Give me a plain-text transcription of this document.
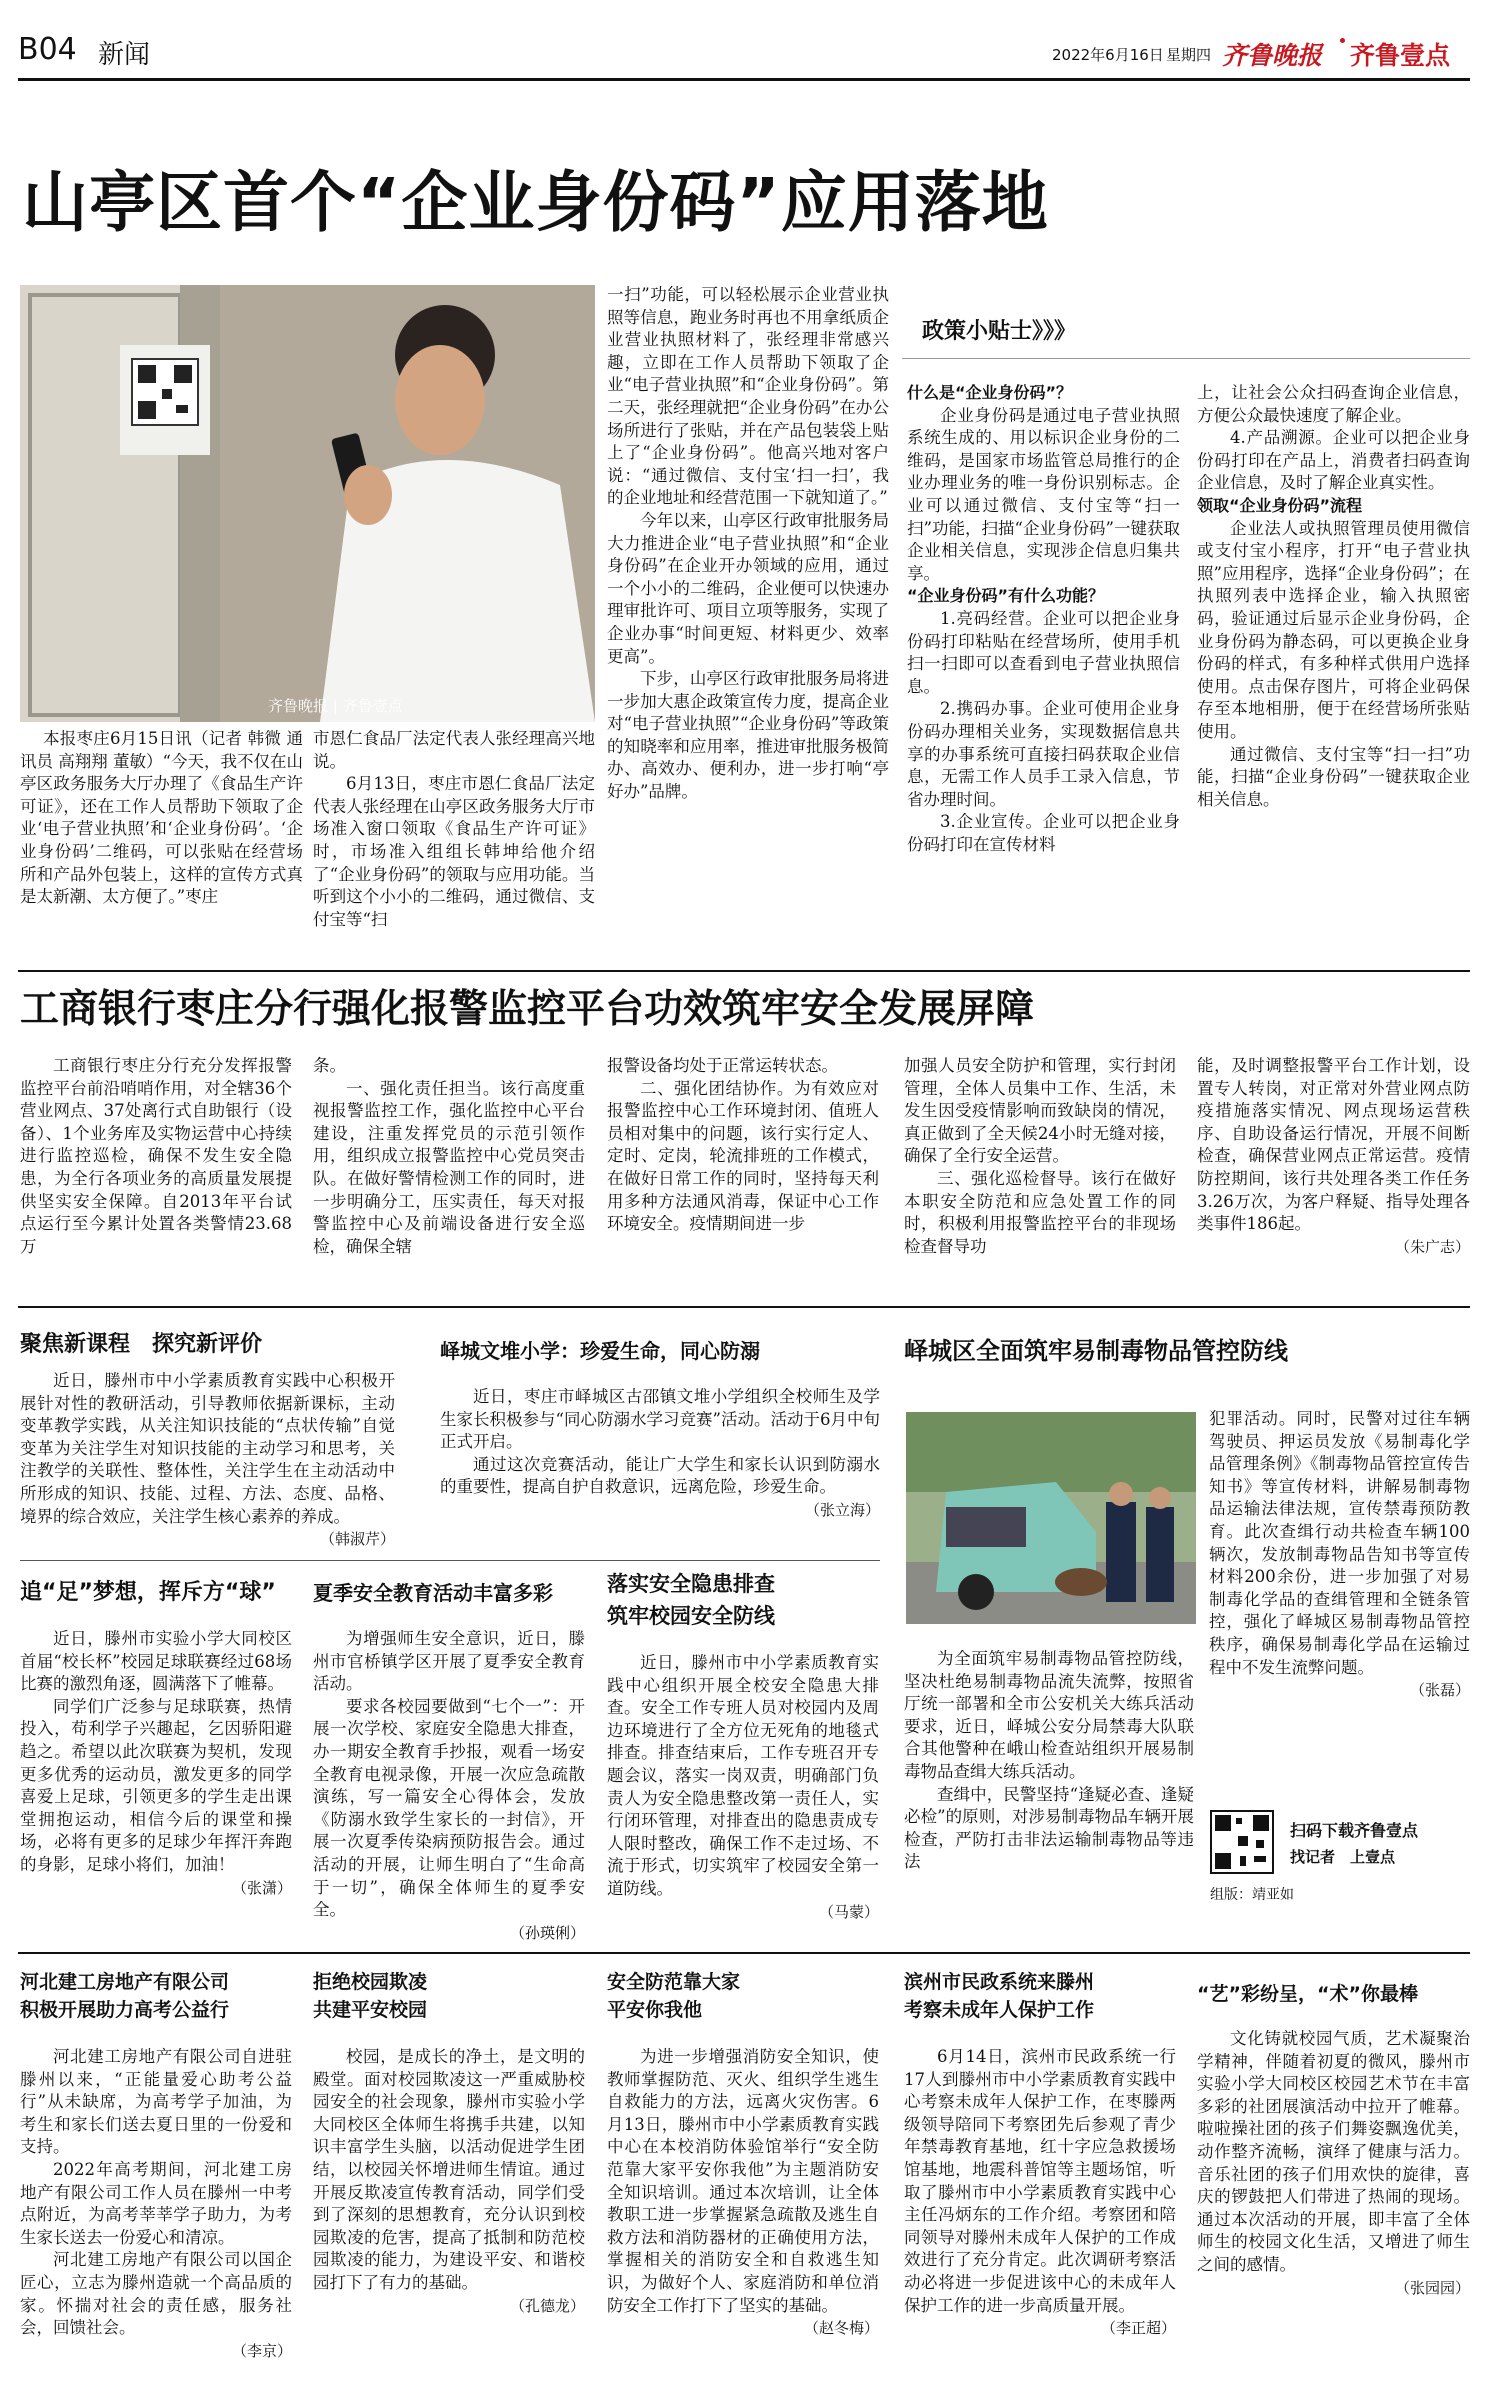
B04 新闻	2022年6月16日 星期四 齐鲁晚报 齐鲁壹点
山亭区首个“企业身份码”应用落地
齐鲁晚报 | 齐鲁壹点

本报枣庄6月15日讯（记者 韩微 通讯员 高翔翔 董敏）“今天，我不仅在山亭区政务服务大厅办理了《食品生产许可证》，还在工作人员帮助下领取了企业‘电子营业执照’和‘企业身份码’。‘企业身份码’二维码，可以张贴在经营场所和产品外包装上，这样的宣传方式真是太新潮、太方便了。”枣庄

市恩仁食品厂法定代表人张经理高兴地说。

6月13日，枣庄市恩仁食品厂法定代表人张经理在山亭区政务服务大厅市场准入窗口领取《食品生产许可证》时，市场准入组组长韩坤给他介绍了“企业身份码”的领取与应用功能。当听到这个小小的二维码，通过微信、支付宝等“扫

一扫”功能，可以轻松展示企业营业执照等信息，跑业务时再也不用拿纸质企业营业执照材料了，张经理非常感兴趣，立即在工作人员帮助下领取了企业“电子营业执照”和“企业身份码”。第二天，张经理就把“企业身份码”在办公场所进行了张贴，并在产品包装袋上贴上了“企业身份码”。他高兴地对客户说：“通过微信、支付宝‘扫一扫’，我的企业地址和经营范围一下就知道了。”

今年以来，山亭区行政审批服务局大力推进企业“电子营业执照”和“企业身份码”在企业开办领域的应用，通过一个小小的二维码，企业便可以快速办理审批许可、项目立项等服务，实现了企业办事“时间更短、材料更少、效率更高”。

下步，山亭区行政审批服务局将进一步加大惠企政策宣传力度，提高企业对“电子营业执照”“企业身份码”等政策的知晓率和应用率，推进审批服务极简办、高效办、便利办，进一步打响“亭好办”品牌。

政策小贴士》》》

什么是“企业身份码”？

企业身份码是通过电子营业执照系统生成的、用以标识企业身份的二维码，是国家市场监管总局推行的企业办理业务的唯一身份识别标志。企业可以通过微信、支付宝等“扫一扫”功能，扫描“企业身份码”一键获取企业相关信息，实现涉企信息归集共享。

“企业身份码”有什么功能？

1.亮码经营。企业可以把企业身份码打印粘贴在经营场所，使用手机扫一扫即可以查看到电子营业执照信息。

2.携码办事。企业可使用企业身份码办理相关业务，实现数据信息共享的办事系统可直接扫码获取企业信息，无需工作人员手工录入信息，节省办理时间。

3.企业宣传。企业可以把企业身份码打印在宣传材料

上，让社会公众扫码查询企业信息，方便公众最快速度了解企业。

4.产品溯源。企业可以把企业身份码打印在产品上，消费者扫码查询企业信息，及时了解企业真实性。

领取“企业身份码”流程

企业法人或执照管理员使用微信或支付宝小程序，打开“电子营业执照”应用程序，选择“企业身份码”；在执照列表中选择企业，输入执照密码，验证通过后显示企业身份码，企业身份码为静态码，可以更换企业身份码的样式，有多种样式供用户选择使用。点击保存图片，可将企业码保存至本地相册，便于在经营场所张贴使用。

通过微信、支付宝等“扫一扫”功能，扫描“企业身份码”一键获取企业相关信息。

工商银行枣庄分行强化报警监控平台功效筑牢安全发展屏障

工商银行枣庄分行充分发挥报警监控平台前沿哨哨作用，对全辖36个营业网点、37处离行式自助银行（设备）、1个业务库及实物运营中心持续进行监控巡检，确保不发生安全隐患，为全行各项业务的高质量发展提供坚实安全保障。自2013年平台试点运行至今累计处置各类警情23.68万

条。

一、强化责任担当。该行高度重视报警监控工作，强化监控中心平台建设，注重发挥党员的示范引领作用，组织成立报警监控中心党员突击队。在做好警情检测工作的同时，进一步明确分工，压实责任，每天对报警监控中心及前端设备进行安全巡检，确保全辖

报警设备均处于正常运转状态。

二、强化团结协作。为有效应对报警监控中心工作环境封闭、值班人员相对集中的问题，该行实行定人、定时、定岗，轮流排班的工作模式，在做好日常工作的同时，坚持每天利用多种方法通风消毒，保证中心工作环境安全。疫情期间进一步

加强人员安全防护和管理，实行封闭管理，全体人员集中工作、生活，未发生因受疫情影响而致缺岗的情况，真正做到了全天候24小时无缝对接，确保了全行安全运营。

三、强化巡检督导。该行在做好本职安全防范和应急处置工作的同时，积极利用报警监控平台的非现场检查督导功

能，及时调整报警平台工作计划，设置专人转岗，对正常对外营业网点防疫措施落实情况、网点现场运营秩序、自助设备运行情况，开展不间断检查，确保营业网点正常运营。疫情防控期间，该行共处理各类工作任务3.26万次，为客户释疑、指导处理各类事件186起。

（朱广志）

聚焦新课程　探究新评价

近日，滕州市中小学素质教育实践中心积极开展针对性的教研活动，引导教师依据新课标，主动变革教学实践，从关注知识技能的“点状传输”自觉变革为关注学生对知识技能的主动学习和思考，关注教学的关联性、整体性，关注学生在主动活动中所形成的知识、技能、过程、方法、态度、品格、境界的综合效应，关注学生核心素养的养成。

（韩淑芹）

峄城文堆小学：珍爱生命，同心防溺

近日，枣庄市峄城区古邵镇文堆小学组织全校师生及学生家长积极参与“同心防溺水学习竞赛”活动。活动于6月中旬正式开启。

通过这次竞赛活动，能让广大学生和家长认识到防溺水的重要性，提高自护自救意识，远离危险，珍爱生命。

（张立海）

追“足”梦想，挥斥方“球”

近日，滕州市实验小学大同校区首届“校长杯”校园足球联赛经过68场比赛的激烈角逐，圆满落下了帷幕。

同学们广泛参与足球联赛，热情投入，苟利学子兴趣起，乞因骄阳避趋之。希望以此次联赛为契机，发现更多优秀的运动员，激发更多的同学喜爱上足球，引领更多的学生走出课堂拥抱运动，相信今后的课堂和操场，必将有更多的足球少年挥汗奔跑的身影，足球小将们，加油！

（张潇）

夏季安全教育活动丰富多彩

为增强师生安全意识，近日，滕州市官桥镇学区开展了夏季安全教育活动。

要求各校园要做到“七个一”：开展一次学校、家庭安全隐患大排查，办一期安全教育手抄报，观看一场安全教育电视录像，开展一次应急疏散演练，写一篇安全心得体会，发放《防溺水致学生家长的一封信》，开展一次夏季传染病预防报告会。通过活动的开展，让师生明白了“生命高于一切”，确保全体师生的夏季安全。

（孙瑛俐）

落实安全隐患排查
筑牢校园安全防线

近日，滕州市中小学素质教育实践中心组织开展全校安全隐患大排查。安全工作专班人员对校园内及周边环境进行了全方位无死角的地毯式排查。排查结束后，工作专班召开专题会议，落实一岗双责，明确部门负责人为安全隐患整改第一责任人，实行闭环管理，对排查出的隐患责成专人限时整改，确保工作不走过场、不流于形式，切实筑牢了校园安全第一道防线。

（马蒙）

峄城区全面筑牢易制毒物品管控防线

为全面筑牢易制毒物品管控防线，坚决杜绝易制毒物品流失流弊，按照省厅统一部署和全市公安机关大练兵活动要求，近日，峄城公安分局禁毒大队联合其他警种在峨山检查站组织开展易制毒物品查缉大练兵活动。

查缉中，民警坚持“逢疑必查、逢疑必检”的原则，对涉易制毒物品车辆开展检查，严防打击非法运输制毒物品等违法

犯罪活动。同时，民警对过往车辆驾驶员、押运员发放《易制毒化学品管理条例》《制毒物品管控宣传告知书》等宣传材料，讲解易制毒物品运输法律法规，宣传禁毒预防教育。此次查缉行动共检查车辆100辆次，发放制毒物品告知书等宣传材料200余份，进一步加强了对易制毒化学品的查缉管理和全链条管控，强化了峄城区易制毒物品管控秩序，确保易制毒化学品在运输过程中不发生流弊问题。

（张磊）

扫码下载齐鲁壹点
找记者　上壹点
组版：靖亚如
河北建工房地产有限公司
积极开展助力高考公益行

河北建工房地产有限公司自进驻滕州以来，“正能量爱心助考公益行”从未缺席，为高考学子加油，为考生和家长们送去夏日里的一份爱和支持。

2022年高考期间，河北建工房地产有限公司工作人员在滕州一中考点附近，为高考莘莘学子助力，为考生家长送去一份爱心和清凉。

河北建工房地产有限公司以国企匠心，立志为滕州造就一个高品质的家。怀揣对社会的责任感，服务社会，回馈社会。

（李京）

拒绝校园欺凌
共建平安校园

校园，是成长的净土，是文明的殿堂。面对校园欺凌这一严重威胁校园安全的社会现象，滕州市实验小学大同校区全体师生将携手共建，以知识丰富学生头脑，以活动促进学生团结，以校园关怀增进师生情谊。通过开展反欺凌宣传教育活动，同学们受到了深刻的思想教育，充分认识到校园欺凌的危害，提高了抵制和防范校园欺凌的能力，为建设平安、和谐校园打下了有力的基础。

（孔德龙）

安全防范靠大家
平安你我他

为进一步增强消防安全知识，使教师掌握防范、灭火、组织学生逃生自救能力的方法，远离火灾伤害。6月13日，滕州市中小学素质教育实践中心在本校消防体验馆举行“安全防范靠大家平安你我他”为主题消防安全知识培训。通过本次培训，让全体教职工进一步掌握紧急疏散及逃生自救方法和消防器材的正确使用方法，掌握相关的消防安全和自救逃生知识，为做好个人、家庭消防和单位消防安全工作打下了坚实的基础。

（赵冬梅）

滨州市民政系统来滕州
考察未成年人保护工作

6月14日，滨州市民政系统一行17人到滕州市中小学素质教育实践中心考察未成年人保护工作，在枣滕两级领导陪同下考察团先后参观了青少年禁毒教育基地，红十字应急救援场馆基地，地震科普馆等主题场馆，听取了滕州市中小学素质教育实践中心主任冯炳东的工作介绍。考察团和陪同领导对滕州未成年人保护的工作成效进行了充分肯定。此次调研考察活动必将进一步促进该中心的未成年人保护工作的进一步高质量开展。

（李正超）

“艺”彩纷呈，“术”你最棒

文化铸就校园气质，艺术凝聚治学精神，伴随着初夏的微风，滕州市实验小学大同校区校园艺术节在丰富多彩的社团展演活动中拉开了帷幕。啦啦操社团的孩子们舞姿飘逸优美，动作整齐流畅，演绎了健康与活力。音乐社团的孩子们用欢快的旋律，喜庆的锣鼓把人们带进了热闹的现场。通过本次活动的开展，即丰富了全体师生的校园文化生活，又增进了师生之间的感情。

（张园园）
